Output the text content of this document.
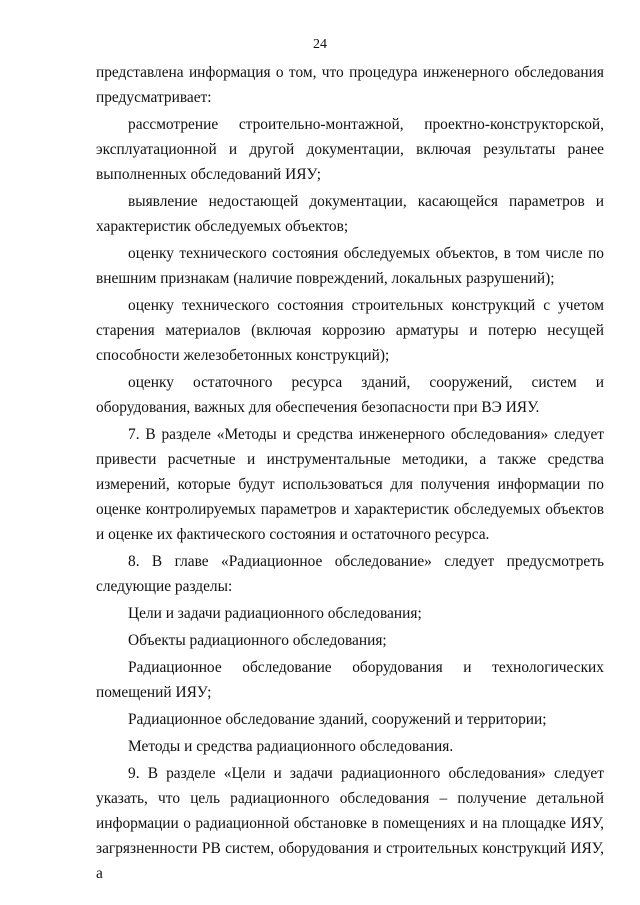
24

представлена информация о том, что процедура инженерного обследования предусматривает:

рассмотрение строительно-монтажной, проектно-конструкторской, эксплуатационной и другой документации, включая результаты ранее выполненных обследований ИЯУ;

выявление недостающей документации, касающейся параметров и характеристик обследуемых объектов;

оценку технического состояния обследуемых объектов, в том числе по внешним признакам (наличие повреждений, локальных разрушений);

оценку технического состояния строительных конструкций с учетом старения материалов (включая коррозию арматуры и потерю несущей способности железобетонных конструкций);

оценку остаточного ресурса зданий, сооружений, систем и оборудования, важных для обеспечения безопасности при ВЭ ИЯУ.

7. В разделе «Методы и средства инженерного обследования» следует привести расчетные и инструментальные методики, а также средства измерений, которые будут использоваться для получения информации по оценке контролируемых параметров и характеристик обследуемых объектов и оценке их фактического состояния и остаточного ресурса.

8. В главе «Радиационное обследование» следует предусмотреть следующие разделы:

Цели и задачи радиационного обследования;

Объекты радиационного обследования;

Радиационное обследование оборудования и технологических помещений ИЯУ;

Радиационное обследование зданий, сооружений и территории;

Методы и средства радиационного обследования.

9. В разделе «Цели и задачи радиационного обследования» следует указать, что цель радиационного обследования – получение детальной информации о радиационной обстановке в помещениях и на площадке ИЯУ, загрязненности РВ систем, оборудования и строительных конструкций ИЯУ, а
